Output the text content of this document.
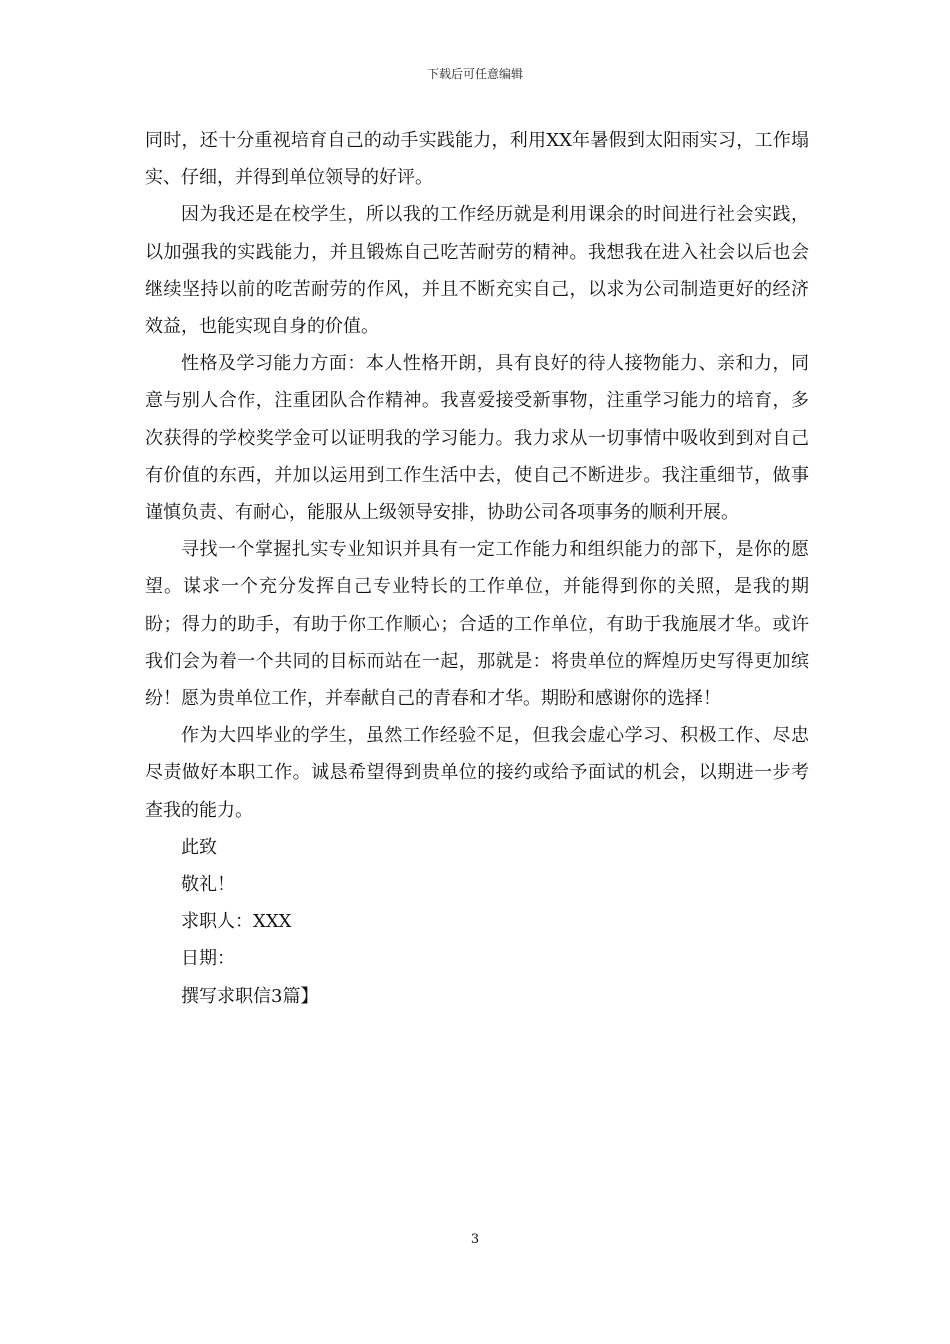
下载后可任意编辑

同时，还十分重视培育自己的动手实践能力，利用XX年暑假到太阳雨实习，工作塌实、仔细，并得到单位领导的好评。

因为我还是在校学生，所以我的工作经历就是利用课余的时间进行社会实践，以加强我的实践能力，并且锻炼自己吃苦耐劳的精神。我想我在进入社会以后也会继续坚持以前的吃苦耐劳的作风，并且不断充实自己，以求为公司制造更好的经济效益，也能实现自身的价值。

性格及学习能力方面：本人性格开朗，具有良好的待人接物能力、亲和力，同意与别人合作，注重团队合作精神。我喜爱接受新事物，注重学习能力的培育，多次获得的学校奖学金可以证明我的学习能力。我力求从一切事情中吸收到到对自己有价值的东西，并加以运用到工作生活中去，使自己不断进步。我注重细节，做事谨慎负责、有耐心，能服从上级领导安排，协助公司各项事务的顺利开展。

寻找一个掌握扎实专业知识并具有一定工作能力和组织能力的部下，是你的愿望。谋求一个充分发挥自己专业特长的工作单位，并能得到你的关照，是我的期盼；得力的助手，有助于你工作顺心；合适的工作单位，有助于我施展才华。或许我们会为着一个共同的目标而站在一起，那就是：将贵单位的辉煌历史写得更加缤纷！愿为贵单位工作，并奉献自己的青春和才华。期盼和感谢你的选择！

作为大四毕业的学生，虽然工作经验不足，但我会虚心学习、积极工作、尽忠尽责做好本职工作。诚恳希望得到贵单位的接约或给予面试的机会，以期进一步考查我的能力。

此致

敬礼！

求职人：XXX

日期：

撰写求职信3篇】

3
